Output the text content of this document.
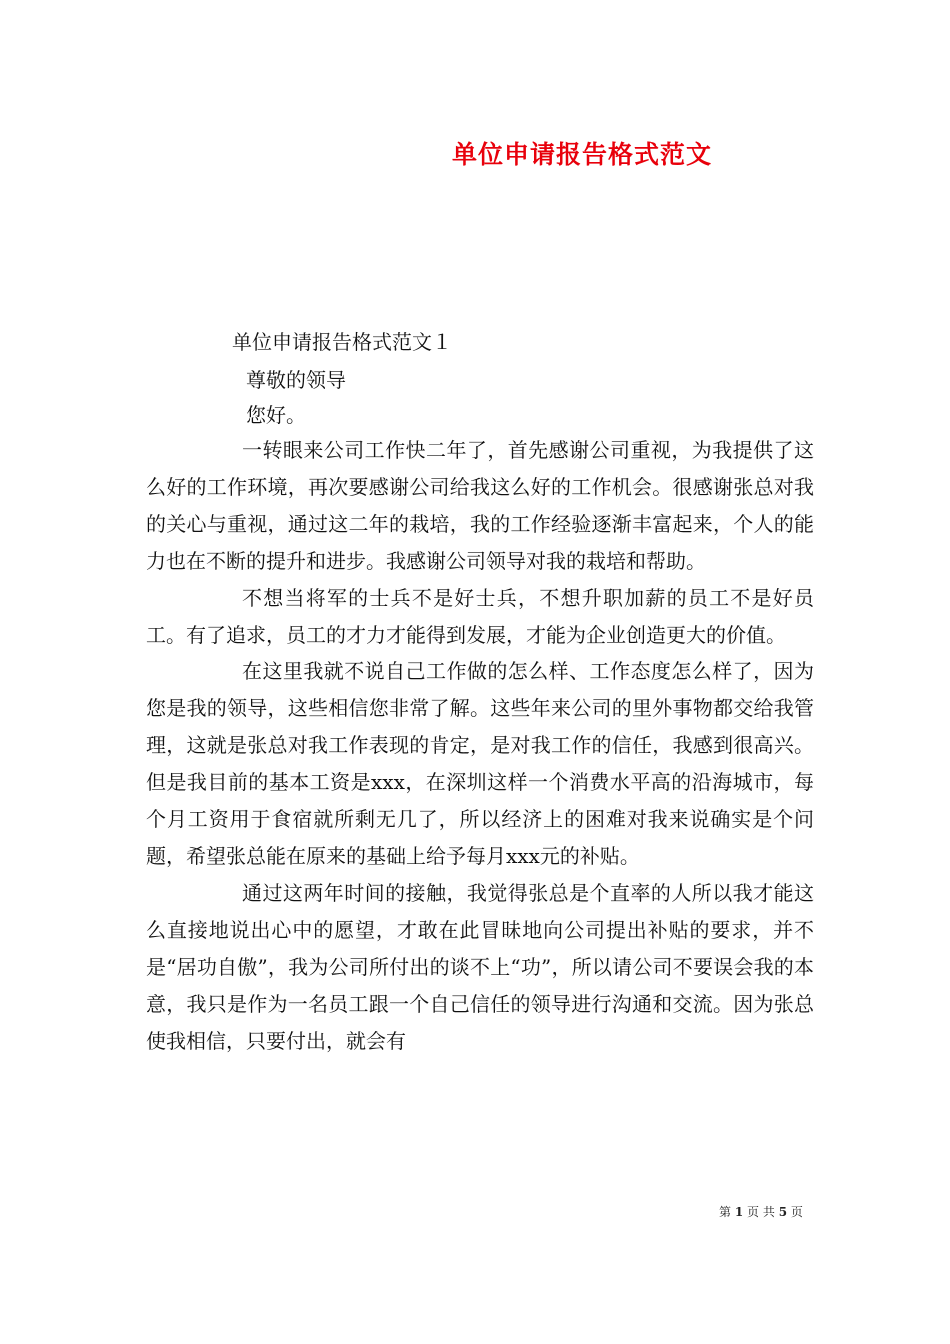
单位申请报告格式范文
单位申请报告格式范文１
尊敬的领导
您好。

一转眼来公司工作快二年了，首先感谢公司重视，为我提供了这么好的工作环境，再次要感谢公司给我这么好的工作机会。很感谢张总对我的关心与重视，通过这二年的栽培，我的工作经验逐渐丰富起来，个人的能力也在不断的提升和进步。我感谢公司领导对我的栽培和帮助。

不想当将军的士兵不是好士兵，不想升职加薪的员工不是好员工。有了追求，员工的才力才能得到发展，才能为企业创造更大的价值。

在这里我就不说自己工作做的怎么样、工作态度怎么样了，因为您是我的领导，这些相信您非常了解。这些年来公司的里外事物都交给我管理，这就是张总对我工作表现的肯定，是对我工作的信任，我感到很高兴。但是我目前的基本工资是xxx，在深圳这样一个消费水平高的沿海城市，每个月工资用于食宿就所剩无几了，所以经济上的困难对我来说确实是个问题，希望张总能在原来的基础上给予每月xxx元的补贴。

通过这两年时间的接触，我觉得张总是个直率的人所以我才能这么直接地说出心中的愿望，才敢在此冒昧地向公司提出补贴的要求，并不是“居功自傲”，我为公司所付出的谈不上“功”，所以请公司不要误会我的本意，我只是作为一名员工跟一个自己信任的领导进行沟通和交流。因为张总使我相信，只要付出，就会有

第 1 页 共 5 页
